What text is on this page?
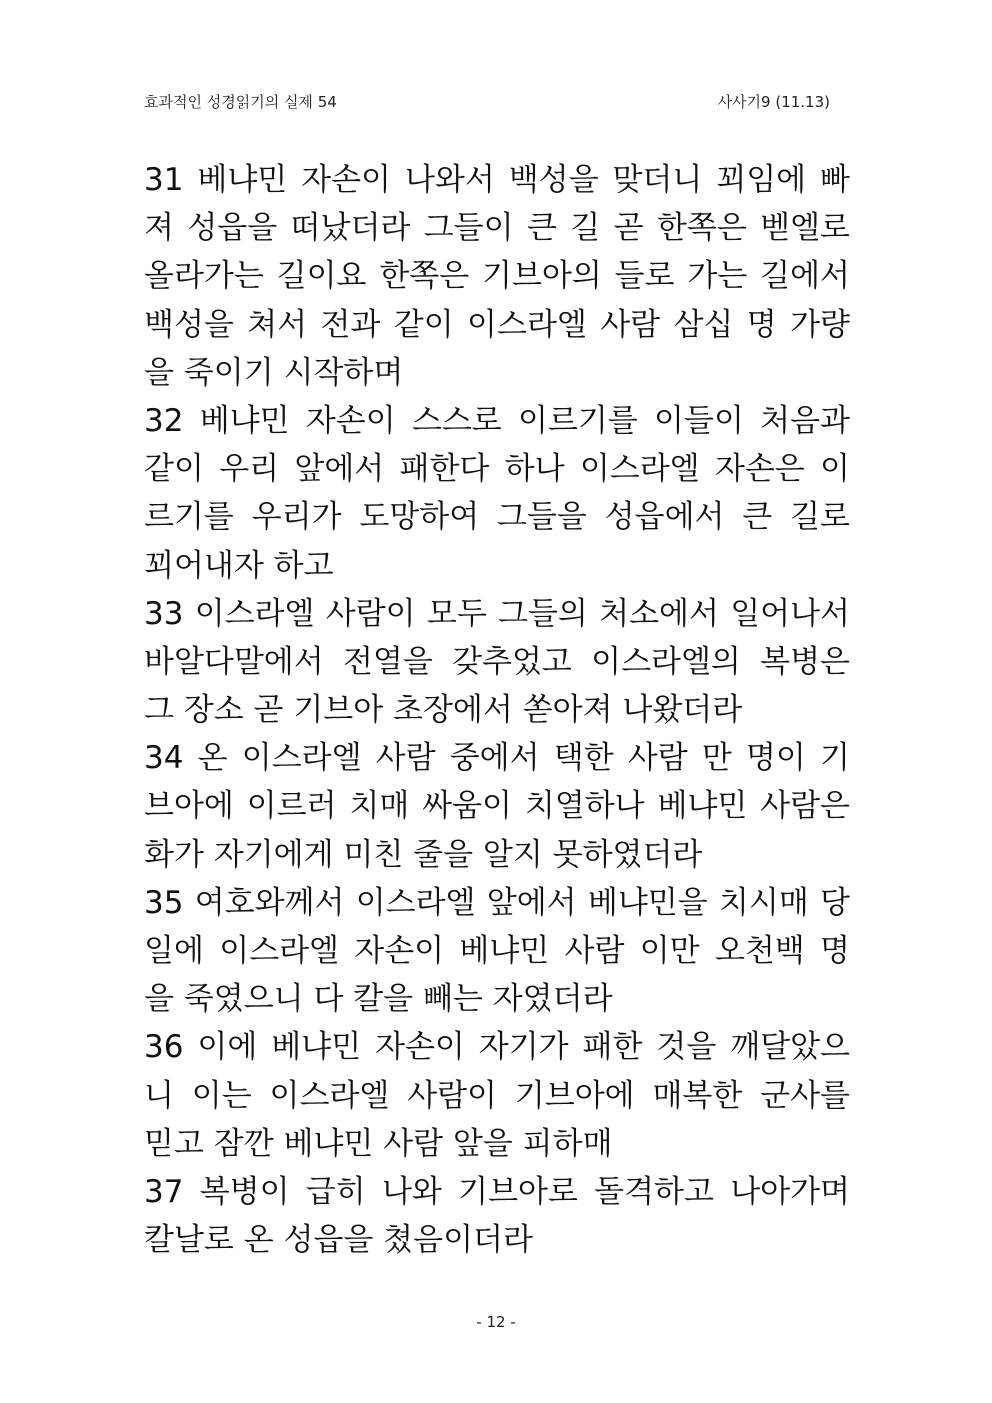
효과적인 성경읽기의 실제 54	사사기9 (11.13)
31 베냐민 자손이 나와서 백성을 맞더니 꾀임에 빠
져 성읍을 떠났더라 그들이 큰 길 곧 한쪽은 벧엘로
올라가는 길이요 한쪽은 기브아의 들로 가는 길에서
백성을 쳐서 전과 같이 이스라엘 사람 삼십 명 가량
을 죽이기 시작하며
32 베냐민 자손이 스스로 이르기를 이들이 처음과
같이 우리 앞에서 패한다 하나 이스라엘 자손은 이
르기를 우리가 도망하여 그들을 성읍에서 큰 길로
꾀어내자 하고
33 이스라엘 사람이 모두 그들의 처소에서 일어나서
바알다말에서 전열을 갖추었고 이스라엘의 복병은
그 장소 곧 기브아 초장에서 쏟아져 나왔더라
34 온 이스라엘 사람 중에서 택한 사람 만 명이 기
브아에 이르러 치매 싸움이 치열하나 베냐민 사람은
화가 자기에게 미친 줄을 알지 못하였더라
35 여호와께서 이스라엘 앞에서 베냐민을 치시매 당
일에 이스라엘 자손이 베냐민 사람 이만 오천백 명
을 죽였으니 다 칼을 빼는 자였더라
36 이에 베냐민 자손이 자기가 패한 것을 깨달았으
니 이는 이스라엘 사람이 기브아에 매복한 군사를
믿고 잠깐 베냐민 사람 앞을 피하매
37 복병이 급히 나와 기브아로 돌격하고 나아가며
칼날로 온 성읍을 쳤음이더라
- 12 -
